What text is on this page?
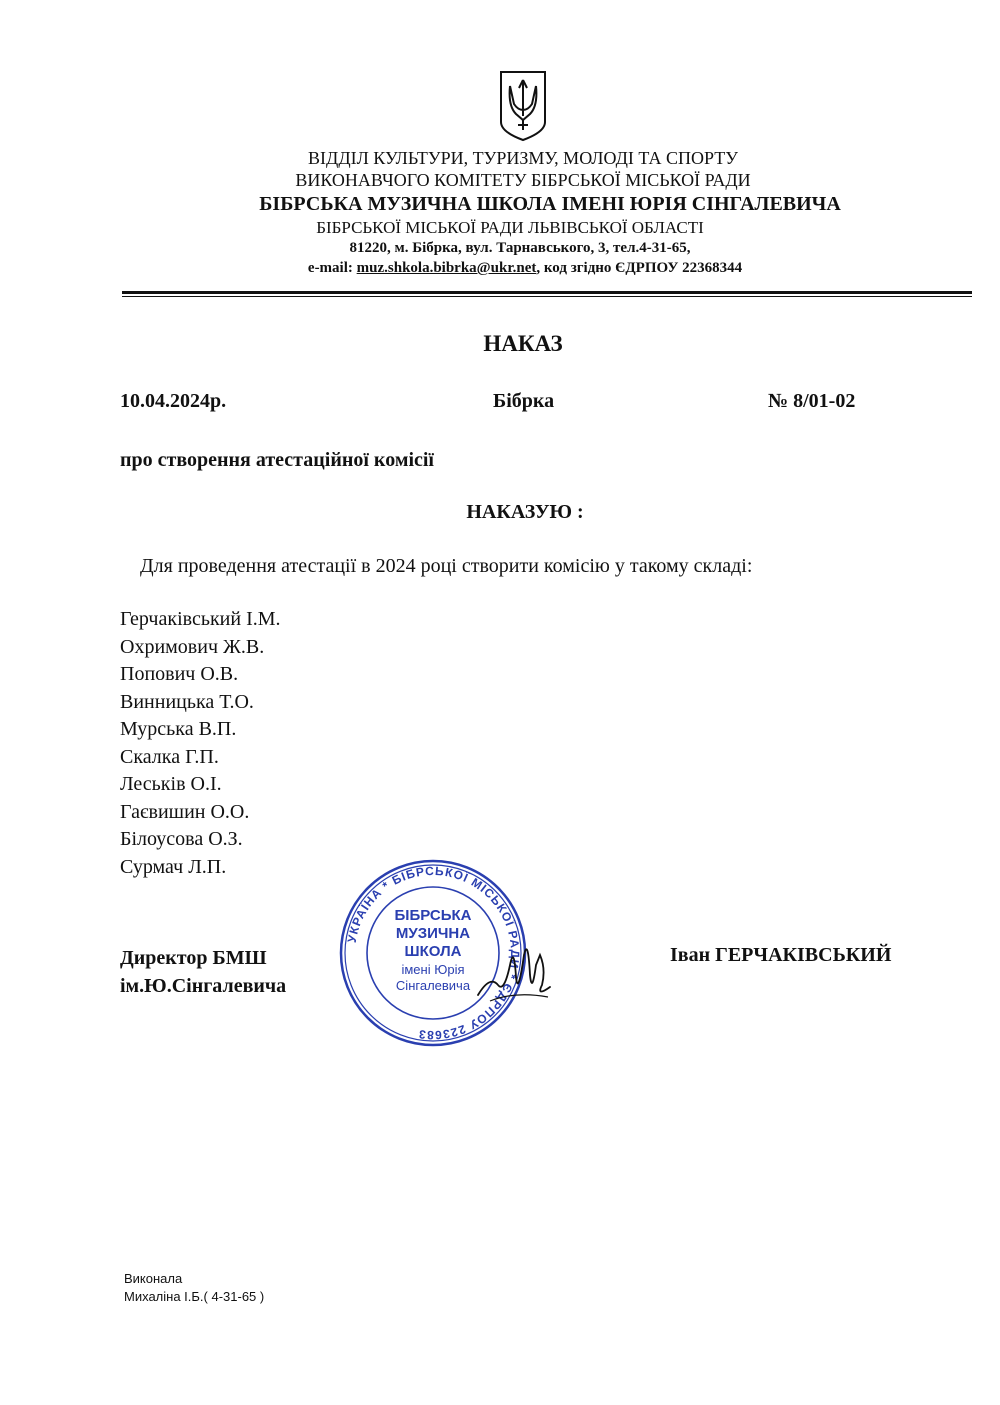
ВІДДІЛ КУЛЬТУРИ, ТУРИЗМУ, МОЛОДІ ТА СПОРТУ
ВИКОНАВЧОГО КОМІТЕТУ БІБРСЬКОЇ МІСЬКОЇ РАДИ
БІБРСЬКА МУЗИЧНА ШКОЛА ІМЕНІ ЮРІЯ СІНГАЛЕВИЧА
БІБРСЬКОЇ МІСЬКОЇ РАДИ ЛЬВІВСЬКОЇ ОБЛАСТІ
81220, м. Бібрка, вул. Тарнавського, 3, тел.4-31-65,
e-mail: muz.shkola.bibrka@ukr.net, код згідно ЄДРПОУ 22368344
НАКАЗ
10.04.2024р.	Бібрка	№ 8/01-02
про створення атестаційної комісії
НАКАЗУЮ :
Для проведення атестації в 2024 році створити комісію у такому складі:
Герчаківський І.М.
Охримович Ж.В.
Попович О.В.
Винницька Т.О.
Мурська В.П.
Скалка Г.П.
Леськів О.І.
Гаєвишин О.О.
Білоусова О.З.
Сурмач Л.П.
Директор БМШ
ім.Ю.Сінгалевича
Іван ГЕРЧАКІВСЬКИЙ
УКРАЇНА * БІБРСЬКОЇ МІСЬКОЇ РАДИ * ЄДРПОУ 223683
БІБРСЬКА
МУЗИЧНА
ШКОЛА
імені Юрія
Сінгалевича
Виконала
Михаліна І.Б.( 4-31-65 )
